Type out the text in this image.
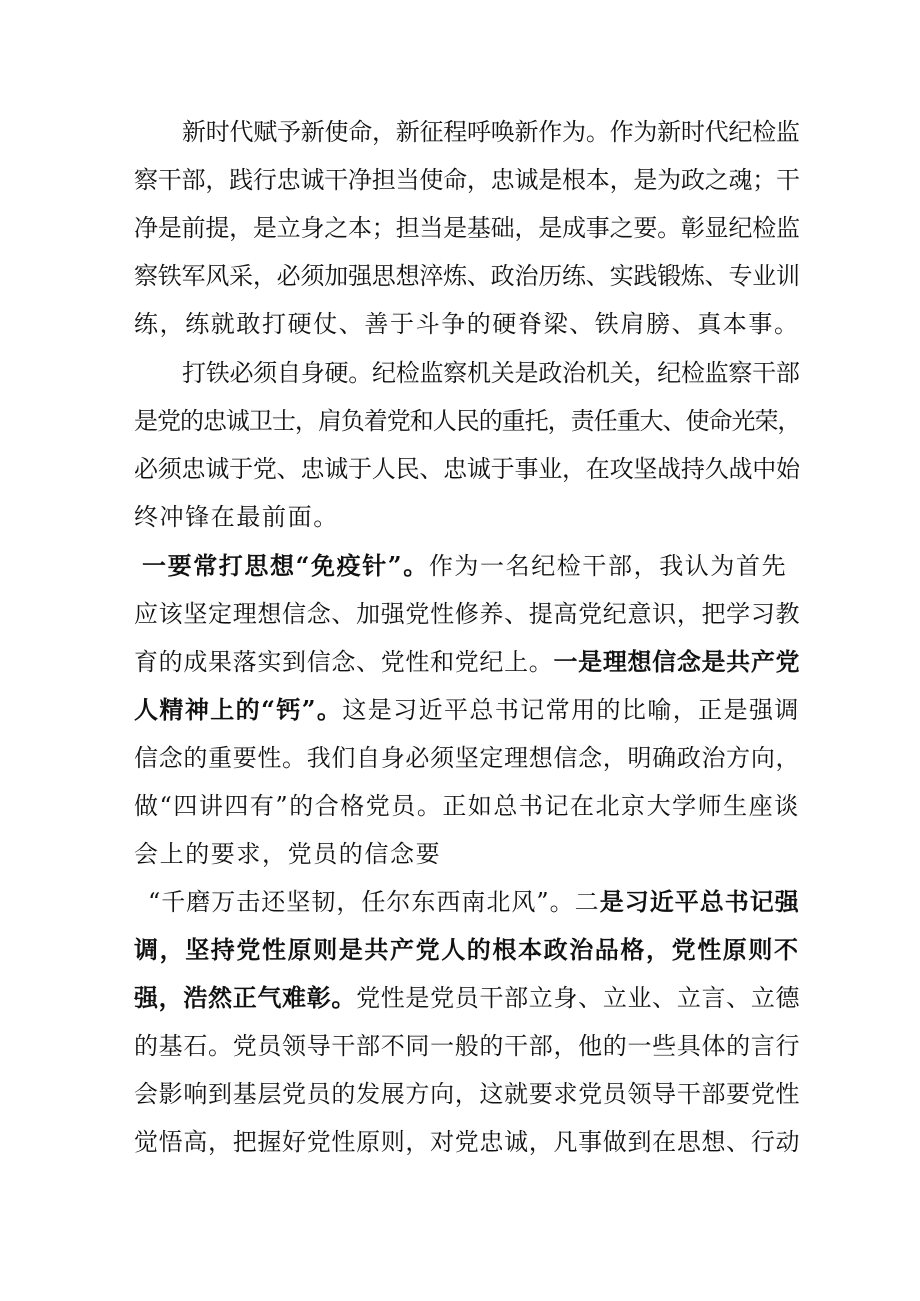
新时代赋予新使命，新征程呼唤新作为。作为新时代纪检监
察干部，践行忠诚干净担当使命，忠诚是根本，是为政之魂；干
净是前提，是立身之本；担当是基础，是成事之要。彰显纪检监
察铁军风采，必须加强思想淬炼、政治历练、实践锻炼、专业训
练，练就敢打硬仗、善于斗争的硬脊梁、铁肩膀、真本事。
打铁必须自身硬。纪检监察机关是政治机关，纪检监察干部
是党的忠诚卫士，肩负着党和人民的重托，责任重大、使命光荣，
必须忠诚于党、忠诚于人民、忠诚于事业，在攻坚战持久战中始
终冲锋在最前面。
一要常打思想“免疫针”。作为一名纪检干部，我认为首先
应该坚定理想信念、加强党性修养、提高党纪意识，把学习教
育的成果落实到信念、党性和党纪上。一是理想信念是共产党
人精神上的“钙”。这是习近平总书记常用的比喻，正是强调
信念的重要性。我们自身必须坚定理想信念，明确政治方向，
做“四讲四有”的合格党员。正如总书记在北京大学师生座谈
会上的要求，党员的信念要
“千磨万击还坚韧，任尔东西南北风”。二是习近平总书记强
调，坚持党性原则是共产党人的根本政治品格，党性原则不
强，浩然正气难彰。党性是党员干部立身、立业、立言、立德
的基石。党员领导干部不同一般的干部，他的一些具体的言行
会影响到基层党员的发展方向，这就要求党员领导干部要党性
觉悟高，把握好党性原则，对党忠诚，凡事做到在思想、行动
